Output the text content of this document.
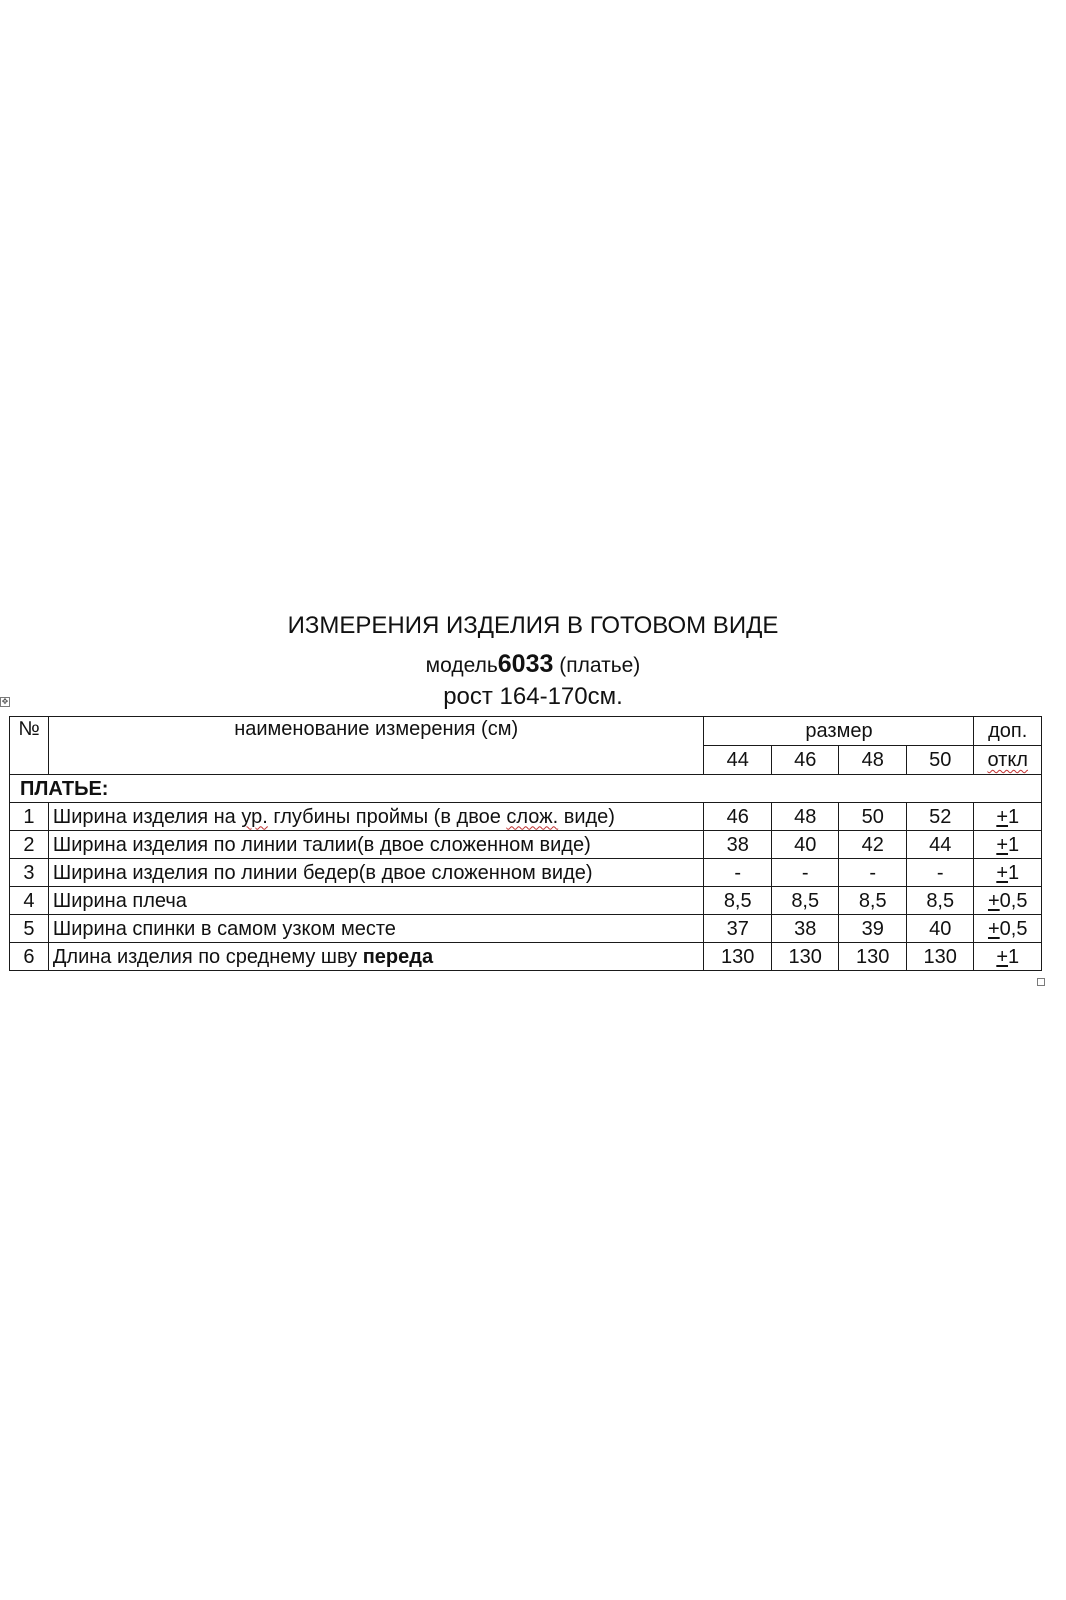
ИЗМЕРЕНИЯ ИЗДЕЛИЯ В ГОТОВОМ ВИДЕ
модель6033 (платье)
рост 164-170см.
✥
№	наименование измерения (см)	размер				доп.
		44	46	48	50	откл
ПЛАТЬЕ:						
1	Ширина изделия на ур. глубины проймы (в двое слож. виде)	46	48	50	52	+1
2	Ширина изделия по линии талии(в двое сложенном виде)	38	40	42	44	+1
3	Ширина изделия по линии бедер(в двое сложенном виде)	-	-	-	-	+1
4	Ширина плеча	8,5	8,5	8,5	8,5	+0,5
5	Ширина спинки в самом узком месте	37	38	39	40	+0,5
6	Длина изделия по среднему шву переда	130	130	130	130	+1
